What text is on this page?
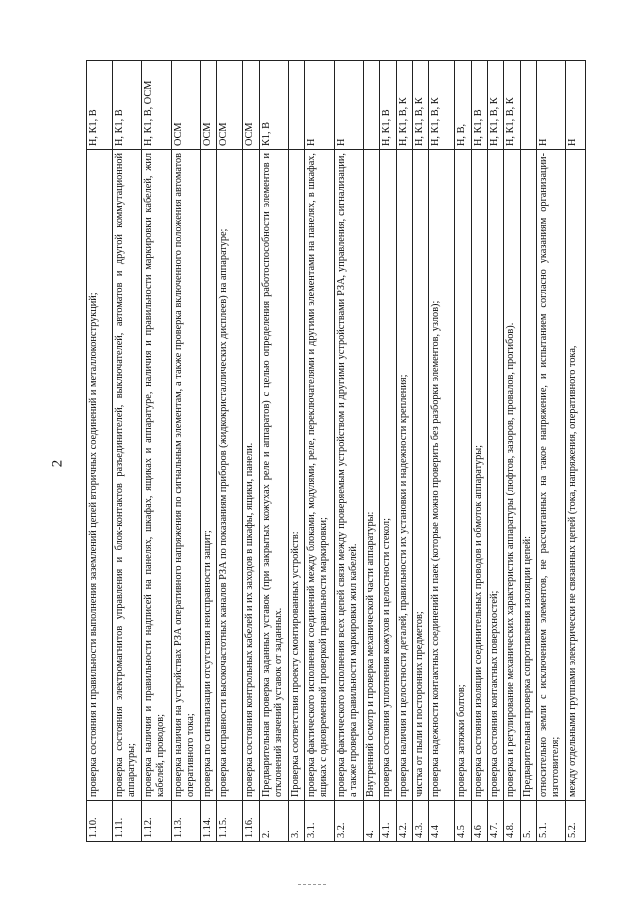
2
1.10.	проверка состояния и правильности выполнения заземлений цепей вторичных соединений и металлоконструкций;	Н, К1, В
1.11.	проверка состояния электромагнитов управления и блок-контактов разъединителей, выключателей, автоматов и другой коммутационной аппаратуры;	Н, К1, В
1.12.	проверка наличия и правильности надписей на панелях, шкафах, ящиках и аппаратуре, наличия и правильности маркировки кабелей, жил кабелей, проводов;	Н, К1, В, ОСМ
1.13.	проверка наличия на устройствах РЗА оперативного напряжения по сигнальным элементам, а также проверка включенного положения автоматов оперативного тока;	ОСМ
1.14.	проверка по сигнализации отсутствия неисправности защит;	ОСМ
1.15.	проверка исправности высокочастотных каналов РЗА по показаниям приборов (жидкокристаллических дисплеев) на аппаратуре;	ОСМ
1.16.	проверка состояния контрольных кабелей и их заходов в шкафы, ящики, панели.	ОСМ
2.	Предварительная проверка заданных уставок (при закрытых кожухах реле и аппаратов) с целью определения работоспособности элементов и отклонений значений уставок от заданных.	К1, В
3.	Проверка соответствия проекту смонтированных устройств:	
3.1.	проверка фактического исполнения соединений между блоками, модулями, реле, переключателями и другими элементами на панелях, в шкафах, ящиках с одновременной проверкой правильности маркировки;	Н
3.2.	проверка фактического исполнения всех цепей связи между проверяемым устройством и другими устройствами РЗА, управления, сигнализации, а также проверка правильности маркировки жил кабелей.	Н
4.	Внутренний осмотр и проверка механической части аппаратуры:	
4.1.	проверка состояния уплотнения кожухов и целостности стекол;	Н, К1, В
4.2.	проверка наличия и целостности деталей, правильности их установки и надежности крепления;	Н, К1, В, К
4.3.	чистка от пыли и посторонних предметов;	Н, К1, В, К
4.4	проверка надежности контактных соединений и паек (которые можно проверить без разборки элементов, узлов);	Н, К1, В, К
4.5	проверка затяжки болтов;	Н, В,
4.6	проверка состояния изоляции соединительных проводов и обмоток аппаратуры;	Н, К1, В
4.7.	проверка состояния контактных поверхностей;	Н, К1, В, К
4.8.	проверка и регулирование механических характеристик аппаратуры (люфтов, зазоров, провалов, прогибов).	Н, К1, В, К
5.	Предварительная проверка сопротивления изоляции цепей:	
5.1.	относительно земли с исключением элементов, не рассчитанных на такое напряжение, и испытанием согласно указаниям организации-изготовителя;	Н
5.2.	между отдельными группами электрически не связанных цепей (тока, напряжения, оперативного тока,	Н
